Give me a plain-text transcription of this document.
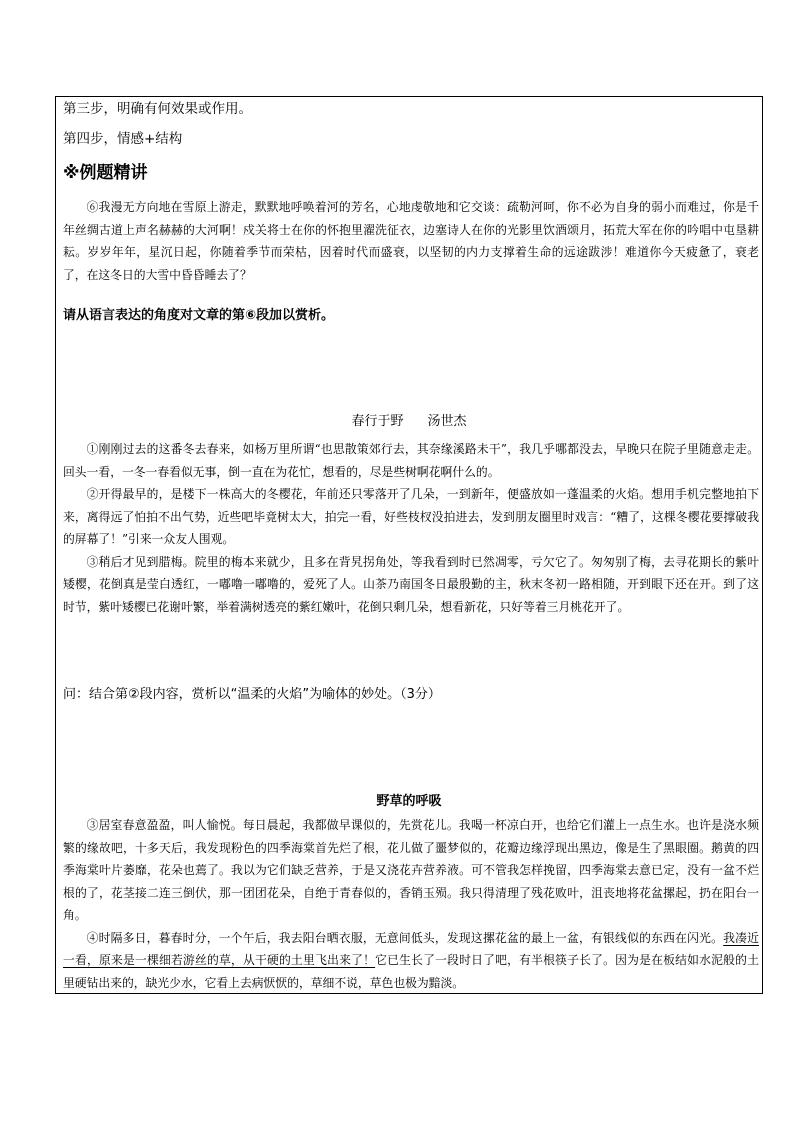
第三步，明确有何效果或作用。
第四步，情感+结构
※例题精讲

⑥我漫无方向地在雪原上游走，默默地呼唤着河的芳名，心地虔敬地和它交谈：疏勒河呵，你不必为自身的弱小而难过，你是千年丝绸古道上声名赫赫的大河啊！戍关将士在你的怀抱里濯洗征衣，边塞诗人在你的光影里饮酒颂月，拓荒大军在你的吟唱中屯垦耕耘。岁岁年年，星沉日起，你随着季节而荣枯，因着时代而盛衰，以坚韧的内力支撑着生命的远途跋涉！难道你今天疲惫了，衰老了，在这冬日的大雪中昏昏睡去了？

请从语言表达的角度对文章的第⑥段加以赏析。
春行于野 汤世杰

①刚刚过去的这番冬去春来，如杨万里所谓“也思散策郊行去，其奈缘溪路未干”，我几乎哪都没去，早晚只在院子里随意走走。回头一看，一冬一春看似无事，倒一直在为花忙，想看的，尽是些树啊花啊什么的。

②开得最早的，是楼下一株高大的冬樱花，年前还只零落开了几朵，一到新年，便盛放如一蓬温柔的火焰。想用手机完整地拍下来，离得远了怕拍不出气势，近些吧毕竟树太大，拍完一看，好些枝杈没拍进去，发到朋友圈里时戏言：“糟了，这棵冬樱花要撑破我的屏幕了！”引来一众友人围观。

③稍后才见到腊梅。院里的梅本来就少，且多在背旯拐角处，等我看到时已然凋零，亏欠它了。匆匆别了梅，去寻花期长的紫叶矮樱，花倒真是莹白透红，一嘟噜一嘟噜的，爱死了人。山茶乃南国冬日最殷勤的主，秋末冬初一路相随，开到眼下还在开。到了这时节，紫叶矮樱已花谢叶繁，举着满树透亮的紫红嫩叶，花倒只剩几朵，想看新花，只好等着三月桃花开了。

问：结合第②段内容，赏析以“温柔的火焰”为喻体的妙处。（3分）
野草的呼吸

③居室春意盈盈，叫人愉悦。每日晨起，我都做早课似的，先赏花儿。我喝一杯凉白开，也给它们灌上一点生水。也许是浇水频繁的缘故吧，十多天后，我发现粉色的四季海棠首先烂了根，花儿做了噩梦似的，花瓣边缘浮现出黑边，像是生了黑眼圈。鹅黄的四季海棠叶片萎靡，花朵也蔫了。我以为它们缺乏营养，于是又浇花卉营养液。可不管我怎样挽留，四季海棠去意已定，没有一盆不烂根的了，花茎接二连三倒伏，那一团团花朵，自绝于青春似的，香销玉殒。我只得清理了残花败叶，沮丧地将花盆摞起，扔在阳台一角。

④时隔多日，暮春时分，一个午后，我去阳台晒衣服，无意间低头，发现这摞花盆的最上一盆，有银线似的东西在闪光。我凑近一看，原来是一棵细若游丝的草，从干硬的土里飞出来了！它已生长了一段时日了吧，有半根筷子长了。因为是在板结如水泥般的土里硬钻出来的，缺光少水，它看上去病恹恹的，草细不说，草色也极为黯淡。
